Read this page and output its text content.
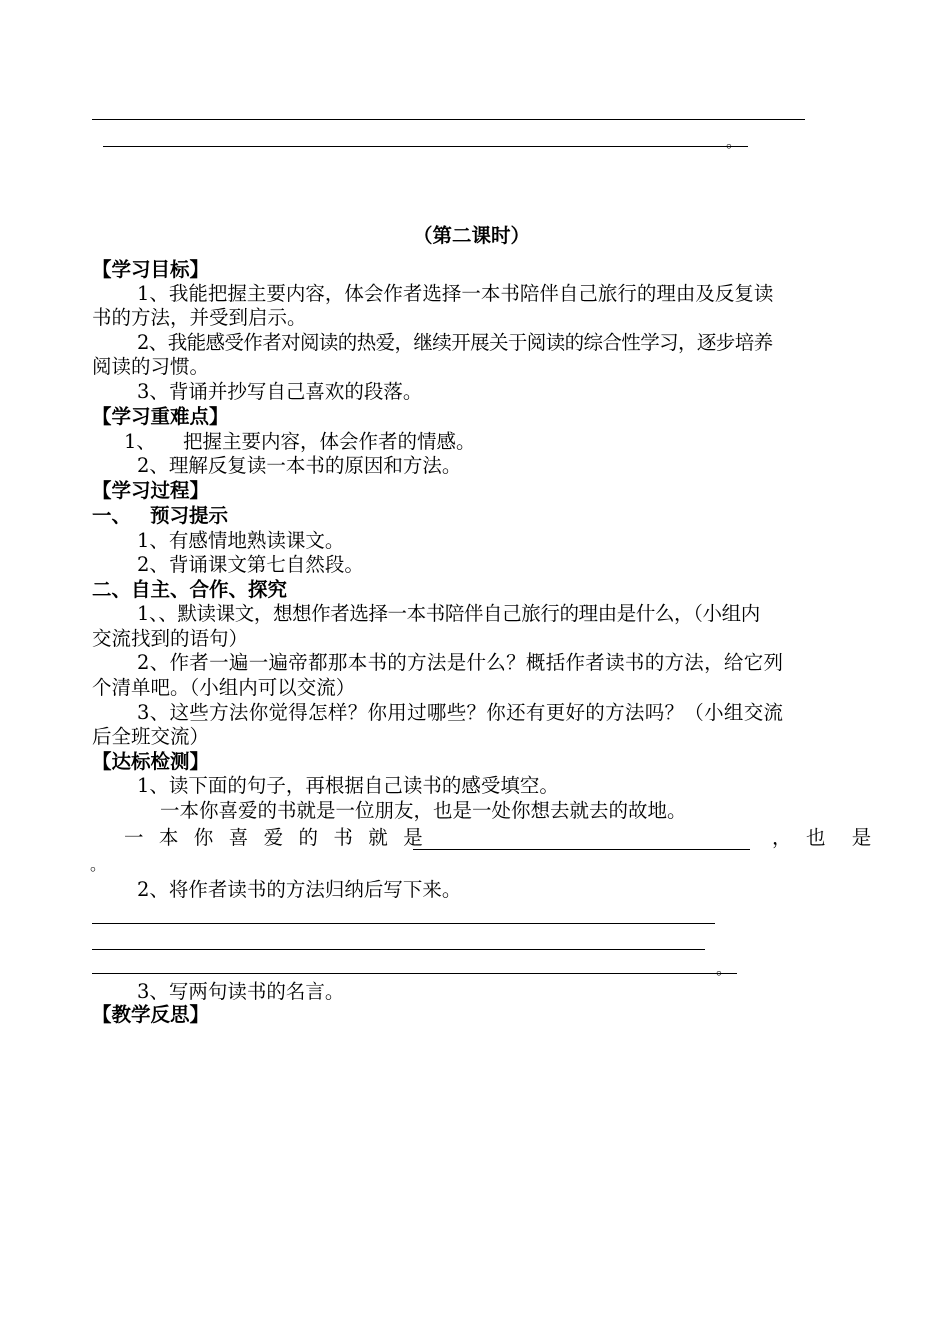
。
（第二课时）
【学习目标】
1、我能把握主要内容，体会作者选择一本书陪伴自己旅行的理由及反复读
书的方法，并受到启示。
2、我能感受作者对阅读的热爱，继续开展关于阅读的综合性学习，逐步培养
阅读的习惯。
3、背诵并抄写自己喜欢的段落。
【学习重难点】
1、 把握主要内容，体会作者的情感。
2、理解反复读一本书的原因和方法。
【学习过程】
一、 预习提示
1、有感情地熟读课文。
2、背诵课文第七自然段。
二、自主、合作、探究
1、、默读课文，想想作者选择一本书陪伴自己旅行的理由是什么，（小组内
交流找到的语句）
2、作者一遍一遍帝都那本书的方法是什么？概括作者读书的方法，给它列
个清单吧。（小组内可以交流）
3、这些方法你觉得怎样？你用过哪些？你还有更好的方法吗？（小组交流
后全班交流）
【达标检测】
1、读下面的句子，再根据自己读书的感受填空。
一本你喜爱的书就是一位朋友，也是一处你想去就去的故地。
一 本 你 喜 爱 的 书 就 是	， 也 是
。
2、将作者读书的方法归纳后写下来。
。
3、写两句读书的名言。
【教学反思】
